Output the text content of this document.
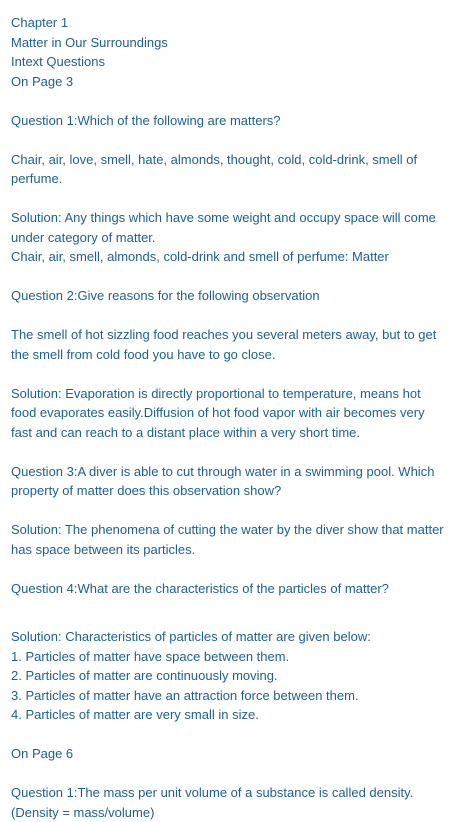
Chapter 1
Matter in Our Surroundings
Intext Questions
On Page 3
Question 1:Which of the following are matters?
Chair, air, love, smell, hate, almonds, thought, cold, cold-drink, smell of perfume.
Solution: Any things which have some weight and occupy space will come under category of matter.
Chair, air, smell, almonds, cold-drink and smell of perfume: Matter
Question 2:Give reasons for the following observation
The smell of hot sizzling food reaches you several meters away, but to get the smell from cold food you have to go close.
Solution: Evaporation is directly proportional to temperature, means hot food evaporates easily.Diffusion of hot food vapor with air becomes very fast and can reach to a distant place within a very short time.
Question 3:A diver is able to cut through water in a swimming pool. Which property of matter does this observation show?
Solution: The phenomena of cutting the water by the diver show that matter has space between its particles.
Question 4:What are the characteristics of the particles of matter?
Solution: Characteristics of particles of matter are given below:
1. Particles of matter have space between them.
2. Particles of matter are continuously moving.
3. Particles of matter have an attraction force between them.
4. Particles of matter are very small in size.
On Page 6
Question 1:The mass per unit volume of a substance is called density.
(Density = mass/volume)
